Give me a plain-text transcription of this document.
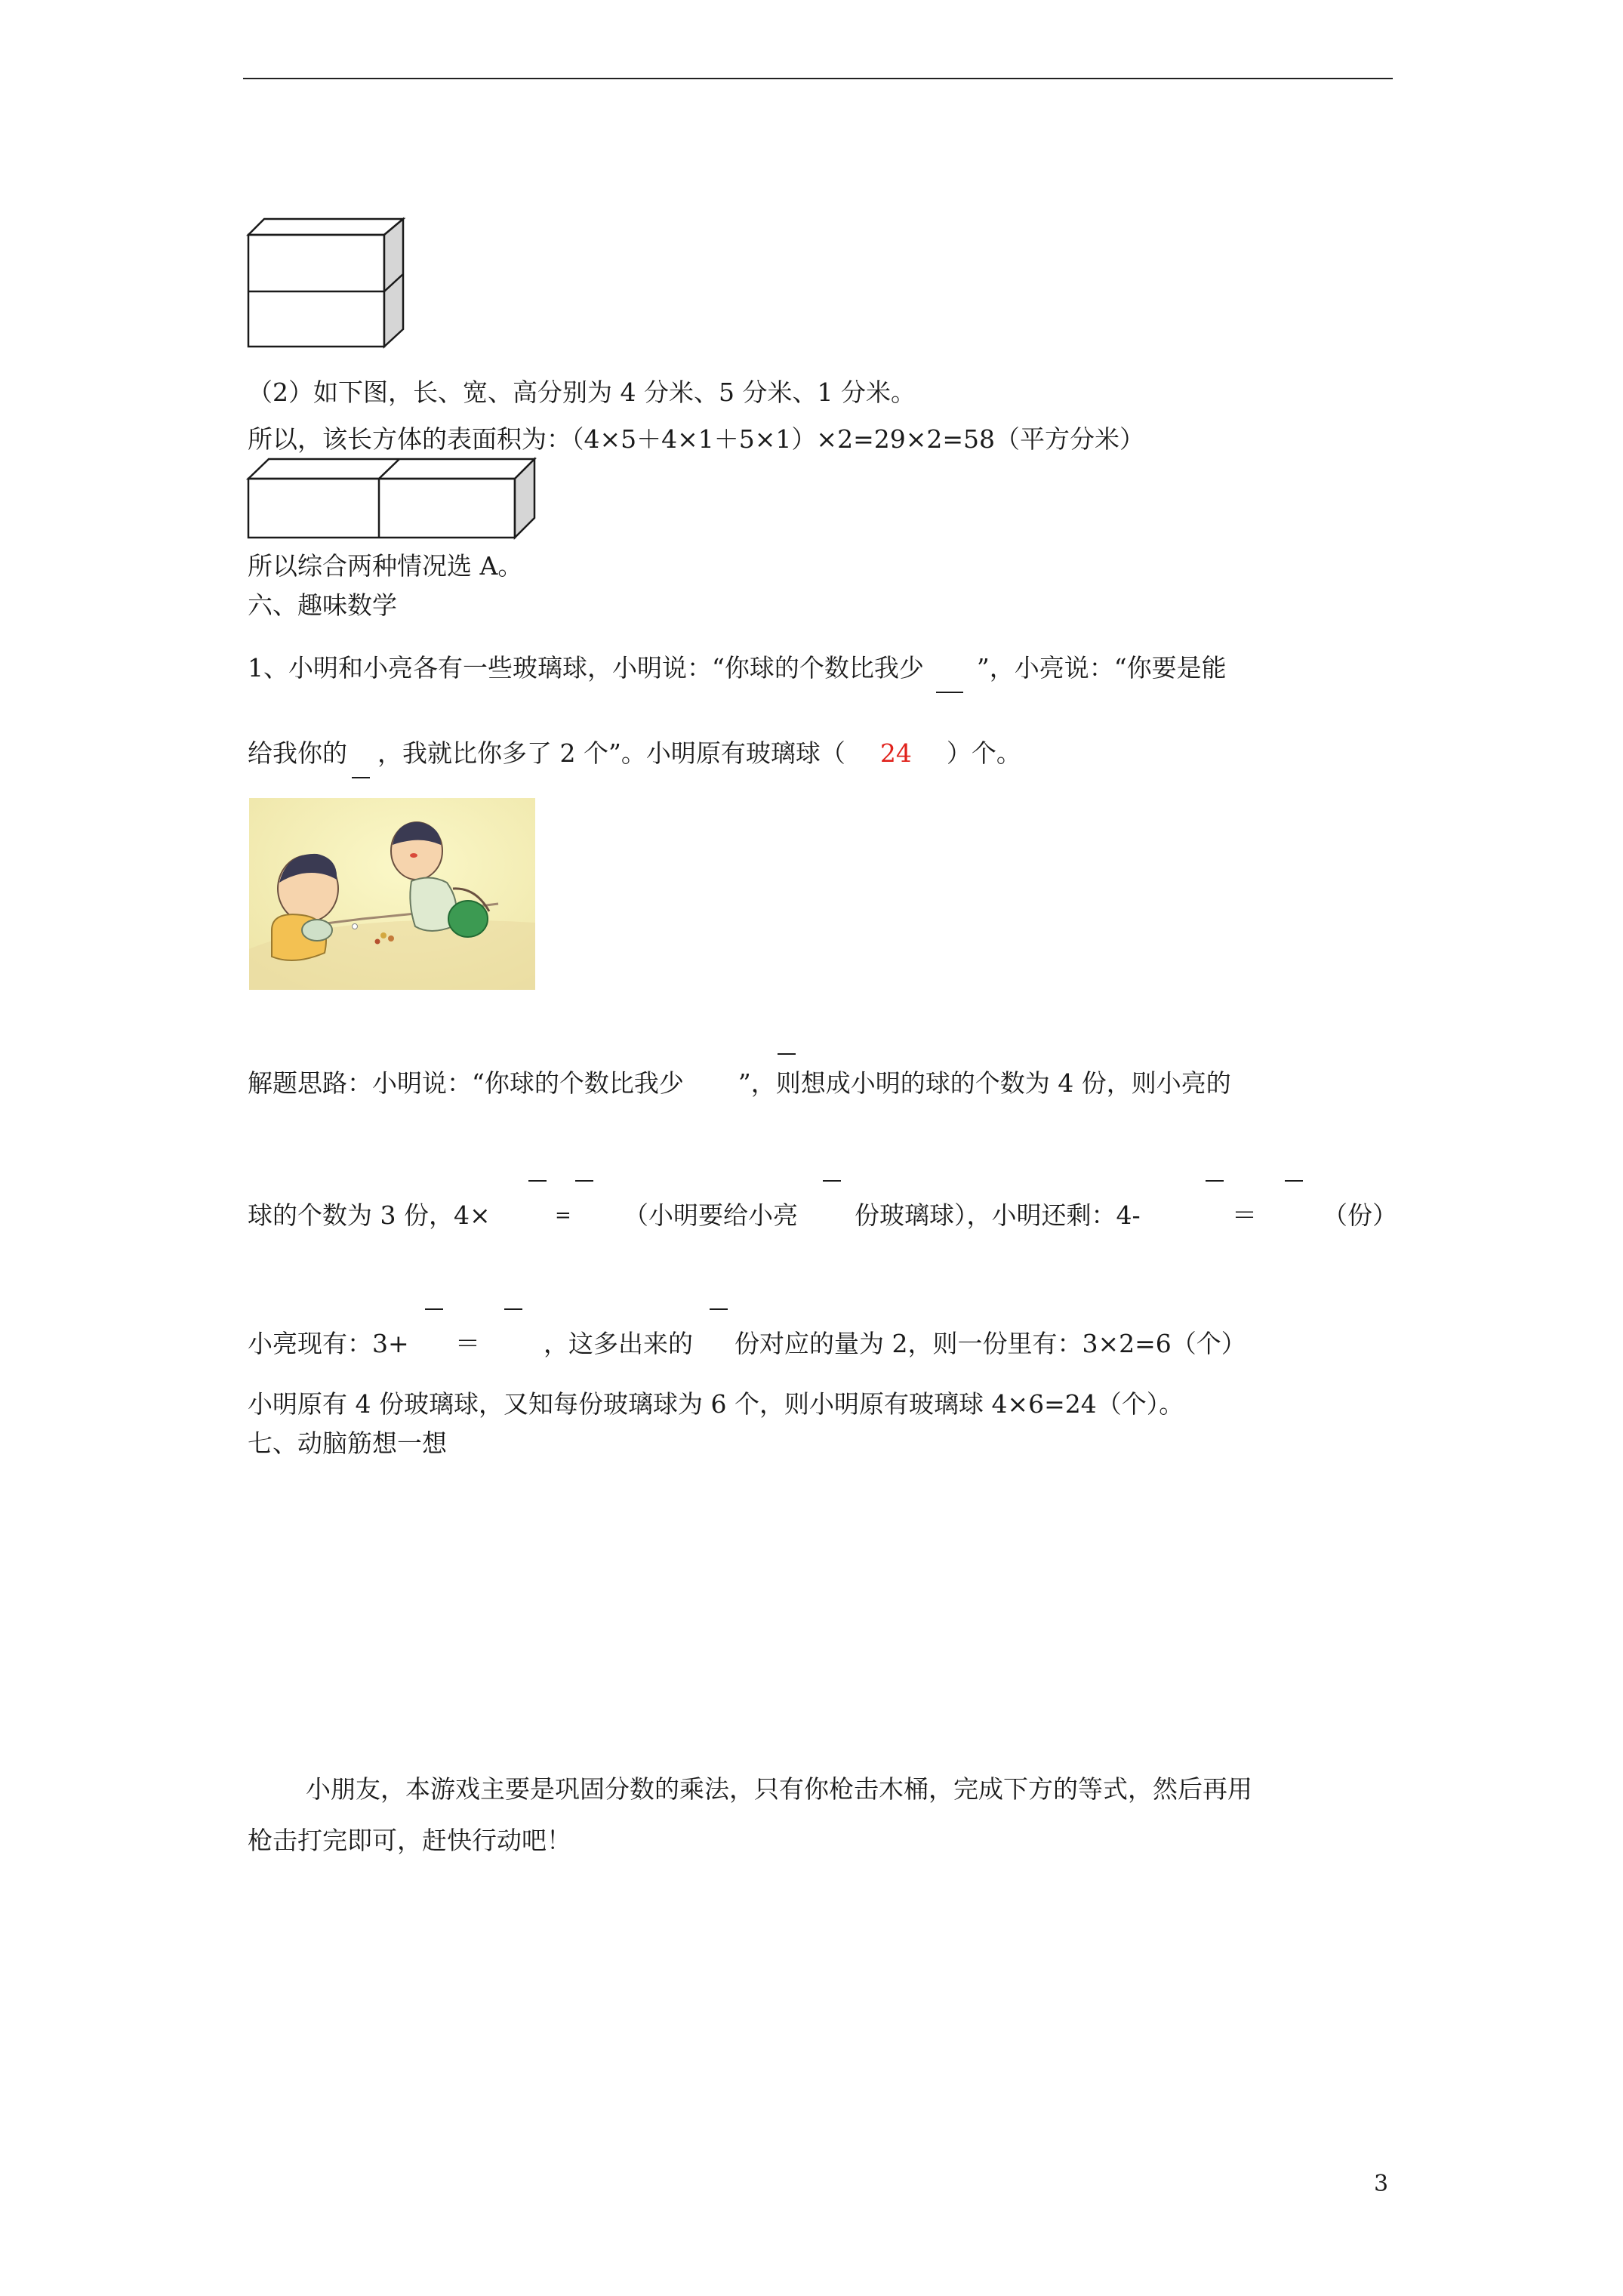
（2）如下图，长、宽、高分别为 4 分米、5 分米、1 分米。
所以，该长方体的表面积为：（4×5＋4×1＋5×1）×2=29×2=58（平方分米）
所以综合两种情况选 A。
六、趣味数学
1、小明和小亮各有一些玻璃球，小明说：“你球的个数比我少 ”，小亮说：“你要是能
给我你的 ，我就比你多了 2 个”。小明原有玻璃球（ 24 ）个。
解题思路：小明说：“你球的个数比我少 ”，则想成小明的球的个数为 4 份，则小亮的
球的个数为 3 份，4×	= （小明要给小亮 份玻璃球），小明还剩：4-	＝	（份）
小亮现有：3+ ＝	，这多出来的 份对应的量为 2，则一份里有：3×2=6（个）
小明原有 4 份玻璃球，又知每份玻璃球为 6 个，则小明原有玻璃球 4×6=24（个）。
七、动脑筋想一想
小朋友，本游戏主要是巩固分数的乘法，只有你枪击木桶，完成下方的等式，然后再用
枪击打完即可，赶快行动吧！
3
